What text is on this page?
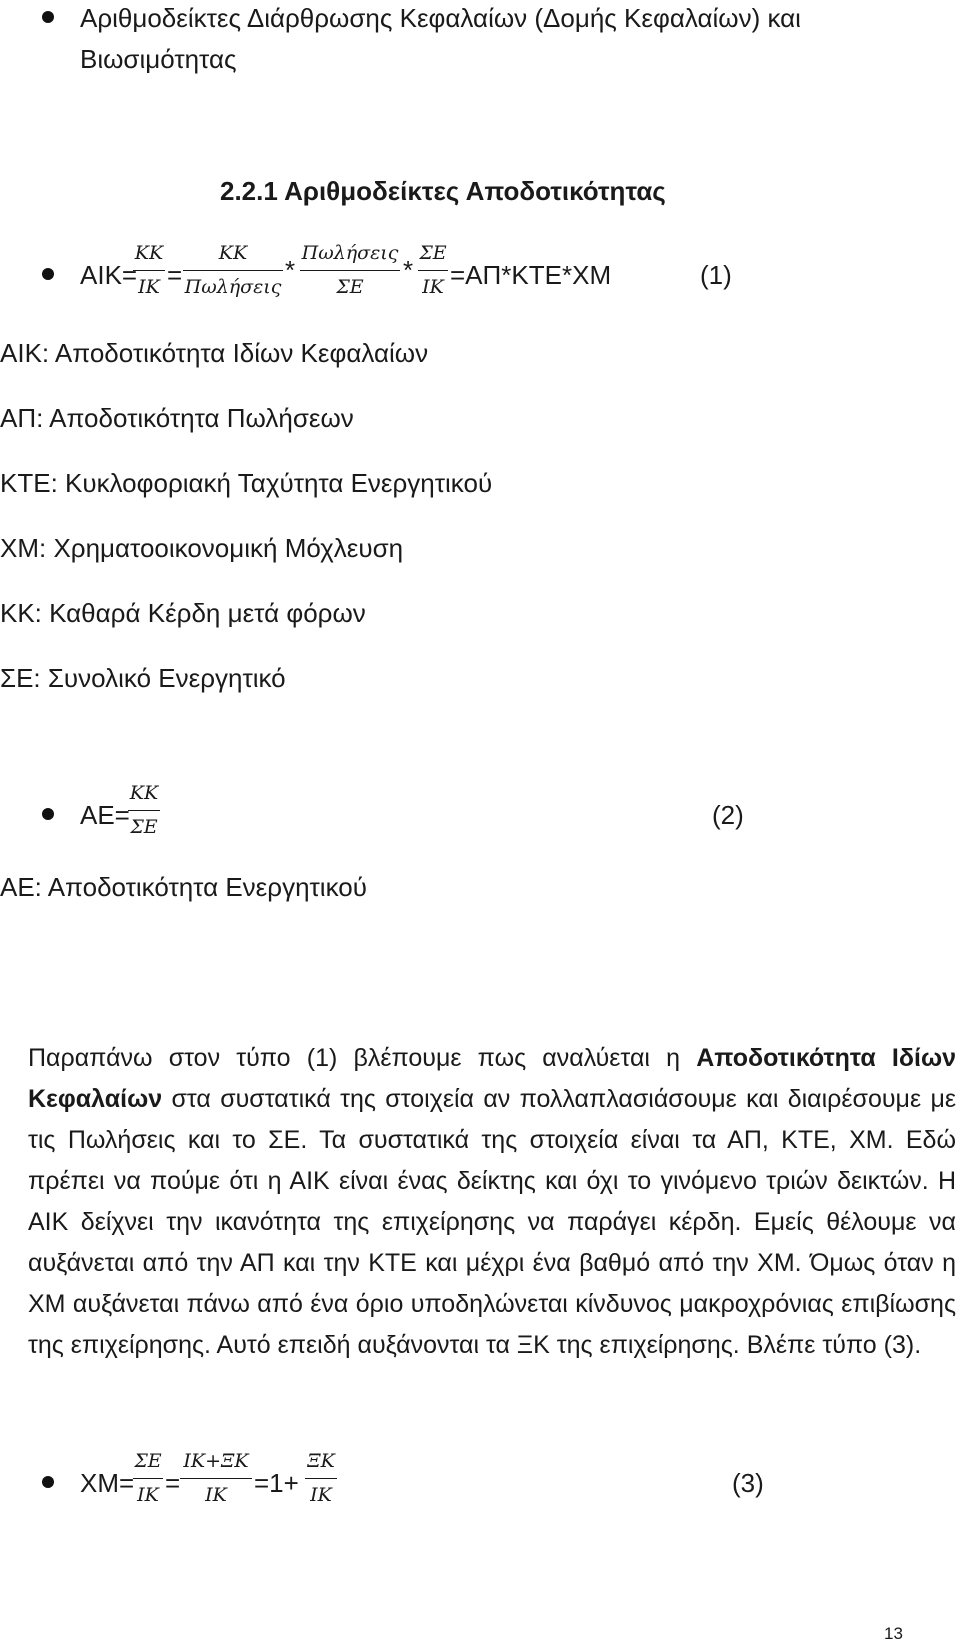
Αριθμοδείκτες Διάρθρωσης Κεφαλαίων (Δομής Κεφαλαίων) και
Βιωσιμότητας
2.2.1 Αριθμοδείκτες Αποδοτικότητας
ΑΙΚ=
ΚΚ
ΙΚ =
ΚΚ
Πωλήσεις
*
Πωλήσεις
ΣΕ
*
ΣΕ
ΙΚ =ΑΠ*ΚΤΕ*ΧΜ	(1)
ΑΙΚ: Αποδοτικότητα Ιδίων Κεφαλαίων
ΑΠ: Αποδοτικότητα Πωλήσεων
ΚΤΕ: Κυκλοφοριακή Ταχύτητα Ενεργητικού
ΧΜ: Χρηματοοικονομική Μόχλευση
ΚΚ: Καθαρά Κέρδη μετά φόρων
ΣΕ: Συνολικό Ενεργητικό
ΑΕ=
ΚΚ
ΣΕ	(2)
ΑΕ: Αποδοτικότητα Ενεργητικού
Παραπάνω στον τύπο (1) βλέπουμε πως αναλύεται η Αποδοτικότητα Ιδίων Κεφαλαίων στα συστατικά της στοιχεία αν πολλαπλασιάσουμε και διαιρέσουμε με τις Πωλήσεις και το ΣΕ. Τα συστατικά της στοιχεία είναι τα ΑΠ, ΚΤΕ, ΧΜ. Εδώ πρέπει να πούμε ότι η ΑΙΚ είναι ένας δείκτης και όχι το γινόμενο τριών δεικτών. Η ΑΙΚ δείχνει την ικανότητα της επιχείρησης να παράγει κέρδη. Εμείς θέλουμε να αυξάνεται από την ΑΠ και την ΚΤΕ και μέχρι ένα βαθμό από την ΧΜ. Όμως όταν η ΧΜ αυξάνεται πάνω από ένα όριο υποδηλώνεται κίνδυνος μακροχρόνιας επιβίωσης της επιχείρησης. Αυτό επειδή αυξάνονται τα ΞΚ της επιχείρησης. Βλέπε τύπο (3).
ΧΜ=
ΣΕ
ΙΚ =
ΙΚ+ΞΚ
ΙΚ	=1+
ΞΚ
ΙΚ	(3)
13
